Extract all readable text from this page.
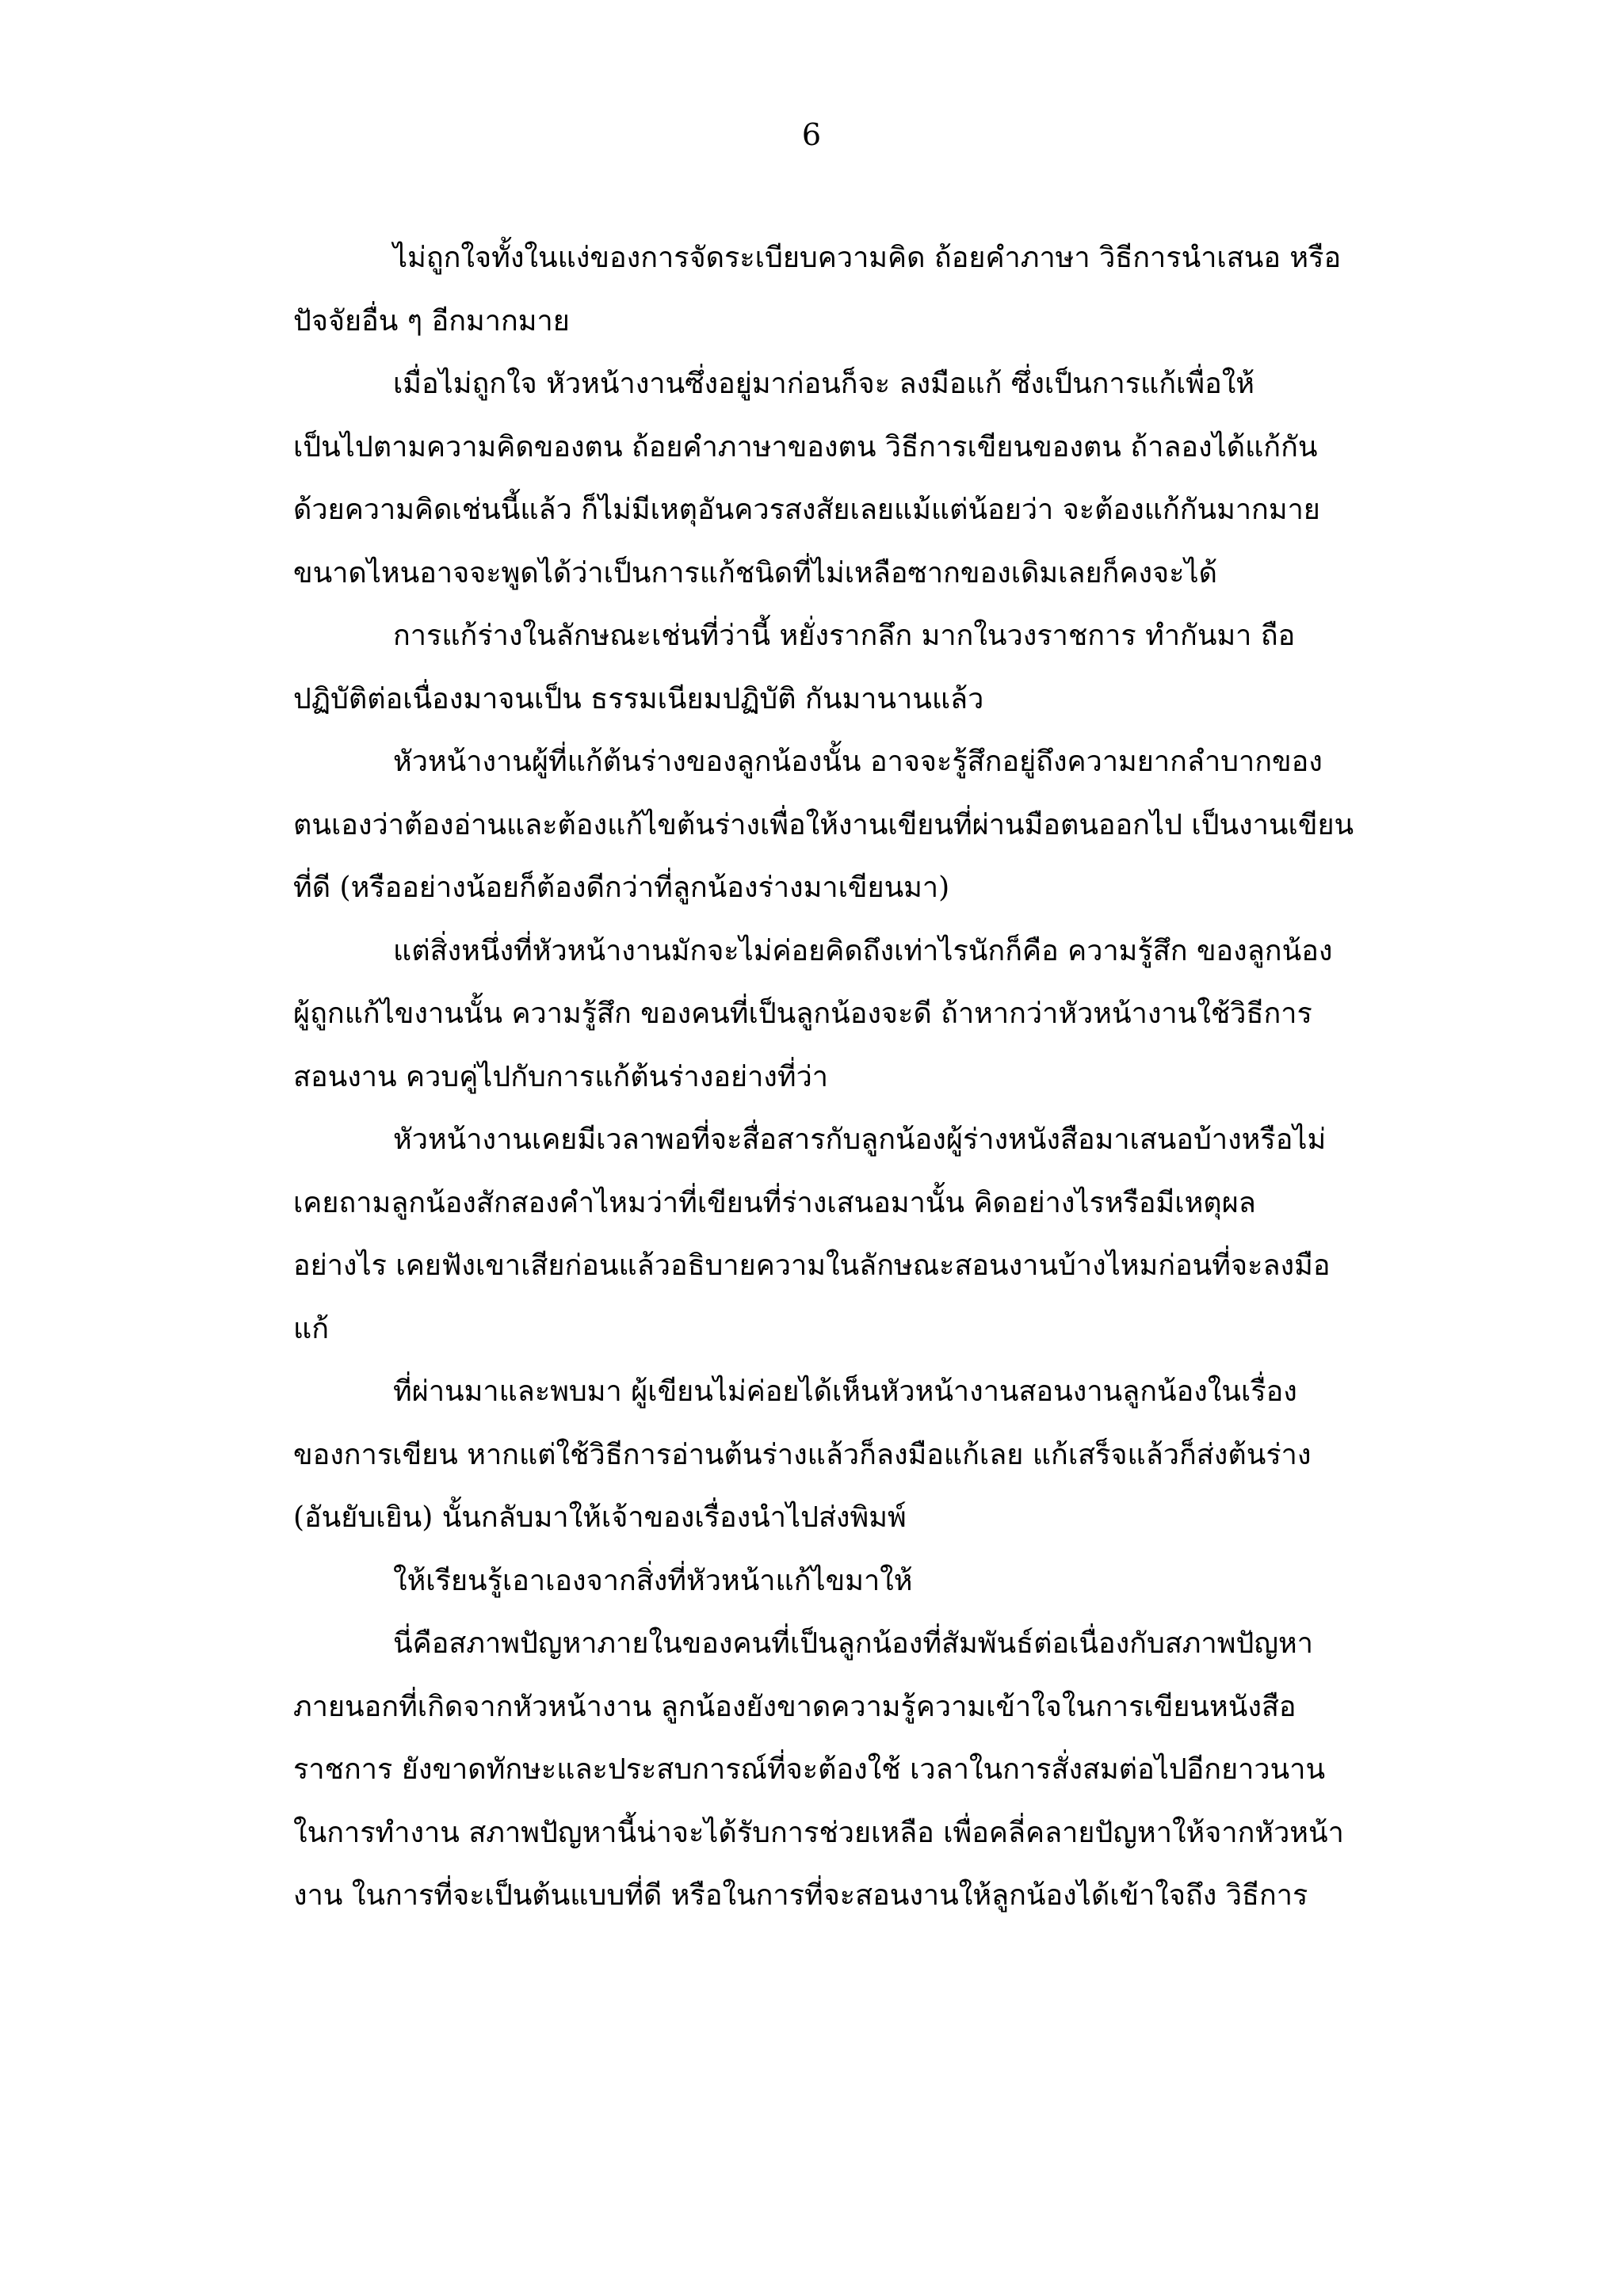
6
ไม่ถูกใจทั้งในแง่ของการจัดระเบียบความคิด ถ้อยคำภาษา วิธีการนำเสนอ หรือ
ปัจจัยอื่น ๆ อีกมากมาย
เมื่อไม่ถูกใจ หัวหน้างานซึ่งอยู่มาก่อนก็จะ ลงมือแก้ ซึ่งเป็นการแก้เพื่อให้
เป็นไปตามความคิดของตน ถ้อยคำภาษาของตน วิธีการเขียนของตน ถ้าลองได้แก้กัน
ด้วยความคิดเช่นนี้แล้ว ก็ไม่มีเหตุอันควรสงสัยเลยแม้แต่น้อยว่า จะต้องแก้กันมากมาย
ขนาดไหนอาจจะพูดได้ว่าเป็นการแก้ชนิดที่ไม่เหลือซากของเดิมเลยก็คงจะได้
การแก้ร่างในลักษณะเช่นที่ว่านี้ หยั่งรากลึก มากในวงราชการ ทำกันมา ถือ
ปฏิบัติต่อเนื่องมาจนเป็น ธรรมเนียมปฏิบัติ กันมานานแล้ว
หัวหน้างานผู้ที่แก้ต้นร่างของลูกน้องนั้น อาจจะรู้สึกอยู่ถึงความยากลำบากของ
ตนเองว่าต้องอ่านและต้องแก้ไขต้นร่างเพื่อให้งานเขียนที่ผ่านมือตนออกไป เป็นงานเขียน
ที่ดี (หรืออย่างน้อยก็ต้องดีกว่าที่ลูกน้องร่างมาเขียนมา)
แต่สิ่งหนึ่งที่หัวหน้างานมักจะไม่ค่อยคิดถึงเท่าไรนักก็คือ ความรู้สึก ของลูกน้อง
ผู้ถูกแก้ไขงานนั้น ความรู้สึก ของคนที่เป็นลูกน้องจะดี ถ้าหากว่าหัวหน้างานใช้วิธีการ
สอนงาน ควบคู่ไปกับการแก้ต้นร่างอย่างที่ว่า
หัวหน้างานเคยมีเวลาพอที่จะสื่อสารกับลูกน้องผู้ร่างหนังสือมาเสนอบ้างหรือไม่
เคยถามลูกน้องสักสองคำไหมว่าที่เขียนที่ร่างเสนอมานั้น คิดอย่างไรหรือมีเหตุผล
อย่างไร เคยฟังเขาเสียก่อนแล้วอธิบายความในลักษณะสอนงานบ้างไหมก่อนที่จะลงมือ
แก้
ที่ผ่านมาและพบมา ผู้เขียนไม่ค่อยได้เห็นหัวหน้างานสอนงานลูกน้องในเรื่อง
ของการเขียน หากแต่ใช้วิธีการอ่านต้นร่างแล้วก็ลงมือแก้เลย แก้เสร็จแล้วก็ส่งต้นร่าง
(อันยับเยิน) นั้นกลับมาให้เจ้าของเรื่องนำไปส่งพิมพ์
ให้เรียนรู้เอาเองจากสิ่งที่หัวหน้าแก้ไขมาให้
นี่คือสภาพปัญหาภายในของคนที่เป็นลูกน้องที่สัมพันธ์ต่อเนื่องกับสภาพปัญหา
ภายนอกที่เกิดจากหัวหน้างาน ลูกน้องยังขาดความรู้ความเข้าใจในการเขียนหนังสือ
ราชการ ยังขาดทักษะและประสบการณ์ที่จะต้องใช้ เวลาในการสั่งสมต่อไปอีกยาวนาน
ในการทำงาน สภาพปัญหานี้น่าจะได้รับการช่วยเหลือ เพื่อคลี่คลายปัญหาให้จากหัวหน้า
งาน ในการที่จะเป็นต้นแบบที่ดี หรือในการที่จะสอนงานให้ลูกน้องได้เข้าใจถึง วิธีการ
